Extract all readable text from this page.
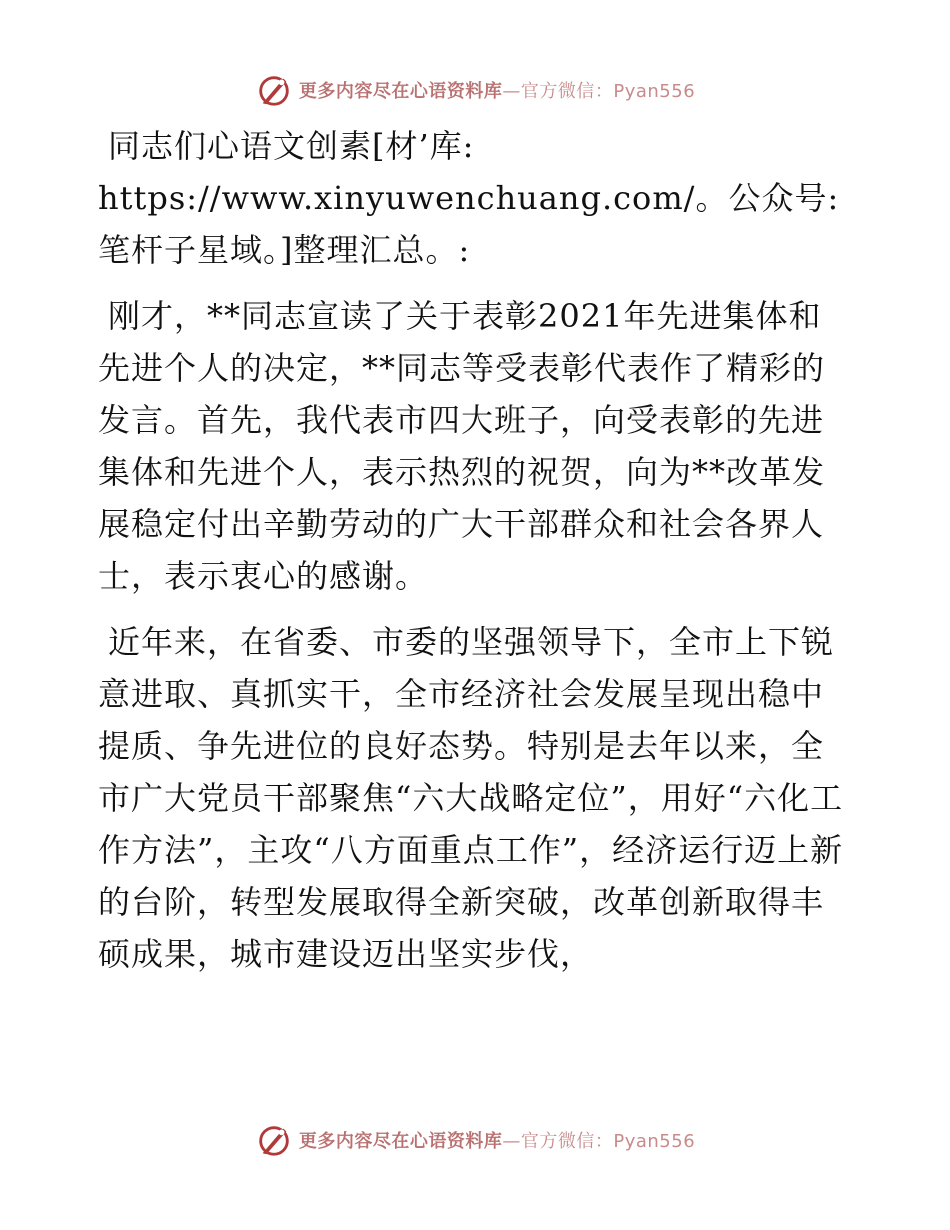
更多内容尽在心语资料库—官方微信：Pyan556

同志们心语文创素[材’库: https://www.xinyuwenchuang.com/。公众号: 笔杆子星域。]整理汇总。:

刚才，**同志宣读了关于表彰2021年先进集体和先进个人的决定，**同志等受表彰代表作了精彩的发言。首先，我代表市四大班子，向受表彰的先进集体和先进个人，表示热烈的祝贺，向为**改革发展稳定付出辛勤劳动的广大干部群众和社会各界人士，表示衷心的感谢。

近年来，在省委、市委的坚强领导下，全市上下锐意进取、真抓实干，全市经济社会发展呈现出稳中提质、争先进位的良好态势。特别是去年以来，全市广大党员干部聚焦“六大战略定位”，用好“六化工作方法”，主攻“八方面重点工作”，经济运行迈上新的台阶，转型发展取得全新突破，改革创新取得丰硕成果，城市建设迈出坚实步伐，

更多内容尽在心语资料库—官方微信：Pyan556
